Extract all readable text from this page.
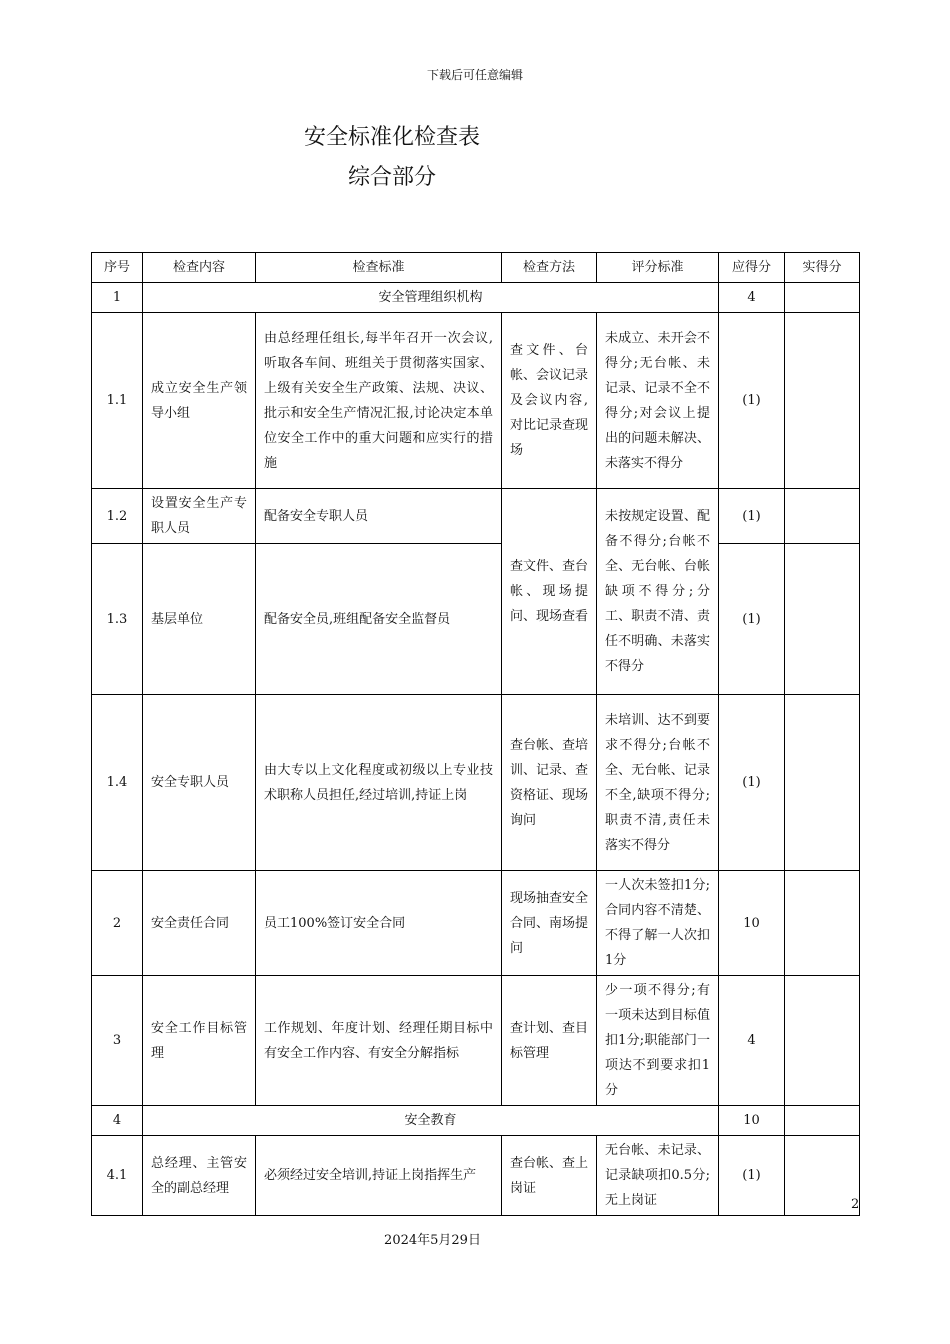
下载后可任意编辑
安全标准化检查表
综合部分
序号	检查内容	检查标准	检查方法	评分标准	应得分	实得分
1	安全管理组织机构				4	
1.1	成立安全生产领导小组	由总经理任组长,每半年召开一次会议,听取各车间、班组关于贯彻落实国家、上级有关安全生产政策、法规、决议、批示和安全生产情况汇报,讨论决定本单位安全工作中的重大问题和应实行的措施	查文件、台帐、会议记录及会议内容,对比记录查现场	未成立、未开会不得分;无台帐、未记录、记录不全不得分;对会议上提出的问题未解决、未落实不得分	(1)	
1.2	设置安全生产专职人员	配备安全专职人员	查文件、查台帐、现场提问、现场查看	未按规定设置、配备不得分;台帐不全、无台帐、台帐缺项不得分;分工、职责不清、责任不明确、未落实不得分	(1)	
1.3	基层单位	配备安全员,班组配备安全监督员			(1)	
1.4	安全专职人员	由大专以上文化程度或初级以上专业技术职称人员担任,经过培训,持证上岗	查台帐、查培训、记录、查资格证、现场询问	未培训、达不到要求不得分;台帐不全、无台帐、记录不全,缺项不得分;职责不清,责任未落实不得分	(1)	
2	安全责任合同	员工100%签订安全合同	现场抽查安全合同、南场提问	一人次未签扣1分;合同内容不清楚、不得了解一人次扣1分	10	
3	安全工作目标管理	工作规划、年度计划、经理任期目标中有安全工作内容、有安全分解指标	查计划、查目标管理	少一项不得分;有一项未达到目标值扣1分;职能部门一项达不到要求扣1分	4	
4	安全教育				10	
4.1	总经理、主管安全的副总经理	必须经过安全培训,持证上岗指挥生产	查台帐、查上岗证	无台帐、未记录、记录缺项扣0.5分;无上岗证	(1)	
2
2024年5月29日
